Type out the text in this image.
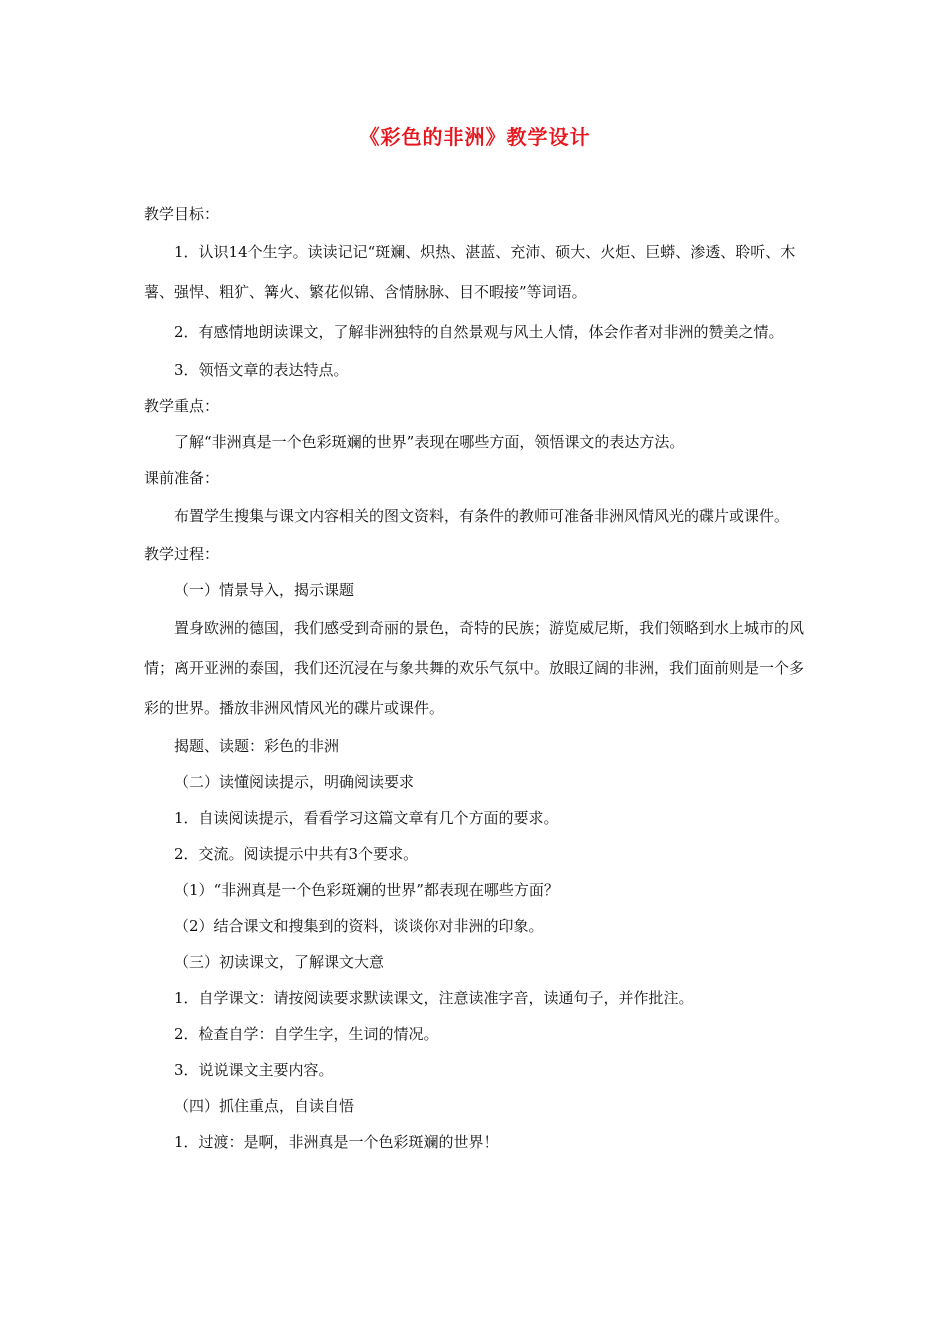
《彩色的非洲》教学设计

教学目标：

1．认识14个生字。读读记记“斑斓、炽热、湛蓝、充沛、硕大、火炬、巨蟒、渗透、聆听、木薯、强悍、粗犷、篝火、繁花似锦、含情脉脉、目不暇接”等词语。

2．有感情地朗读课文，了解非洲独特的自然景观与风土人情，体会作者对非洲的赞美之情。

3．领悟文章的表达特点。

教学重点：

了解“非洲真是一个色彩斑斓的世界”表现在哪些方面，领悟课文的表达方法。

课前准备：

布置学生搜集与课文内容相关的图文资料，有条件的教师可准备非洲风情风光的碟片或课件。

教学过程：

（一）情景导入，揭示课题

置身欧洲的德国，我们感受到奇丽的景色，奇特的民族；游览威尼斯，我们领略到水上城市的风情；离开亚洲的泰国，我们还沉浸在与象共舞的欢乐气氛中。放眼辽阔的非洲，我们面前则是一个多彩的世界。播放非洲风情风光的碟片或课件。

揭题、读题：彩色的非洲

（二）读懂阅读提示，明确阅读要求

1．自读阅读提示，看看学习这篇文章有几个方面的要求。

2．交流。阅读提示中共有3个要求。

（1）“非洲真是一个色彩斑斓的世界”都表现在哪些方面？

（2）结合课文和搜集到的资料，谈谈你对非洲的印象。

（三）初读课文，了解课文大意

1．自学课文：请按阅读要求默读课文，注意读准字音，读通句子，并作批注。

2．检查自学：自学生字，生词的情况。

3．说说课文主要内容。

（四）抓住重点，自读自悟

1．过渡：是啊，非洲真是一个色彩斑斓的世界！
